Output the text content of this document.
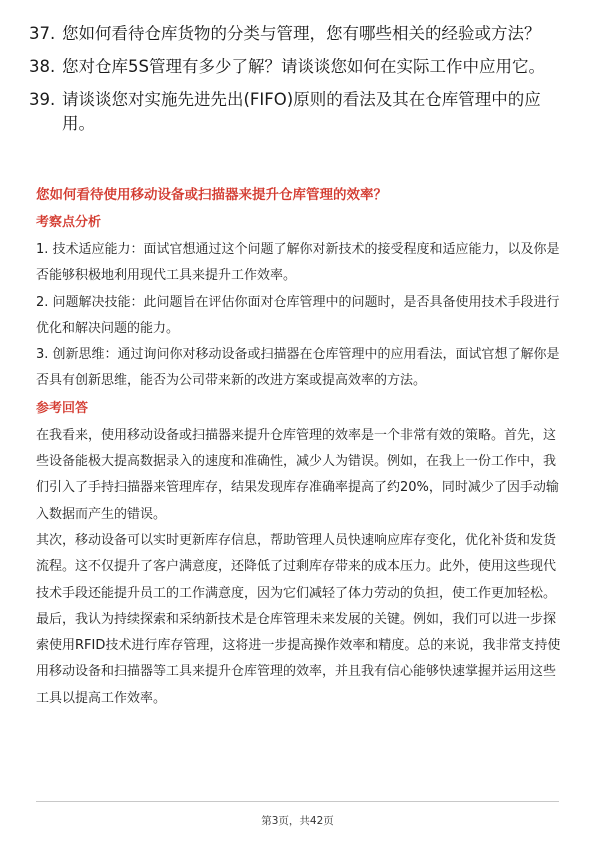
37. 您如何看待仓库货物的分类与管理，您有哪些相关的经验或方法？
38. 您对仓库5S管理有多少了解？请谈谈您如何在实际工作中应用它。
39. 请谈谈您对实施先进先出(FIFO)原则的看法及其在仓库管理中的应用。
您如何看待使用移动设备或扫描器来提升仓库管理的效率？
考察点分析

1. 技术适应能力：面试官想通过这个问题了解你对新技术的接受程度和适应能力，以及你是否能够积极地利用现代工具来提升工作效率。

2. 问题解决技能：此问题旨在评估你面对仓库管理中的问题时，是否具备使用技术手段进行优化和解决问题的能力。

3. 创新思维：通过询问你对移动设备或扫描器在仓库管理中的应用看法，面试官想了解你是否具有创新思维，能否为公司带来新的改进方案或提高效率的方法。

参考回答

在我看来，使用移动设备或扫描器来提升仓库管理的效率是一个非常有效的策略。首先，这些设备能极大提高数据录入的速度和准确性，减少人为错误。例如，在我上一份工作中，我们引入了手持扫描器来管理库存，结果发现库存准确率提高了约20%，同时减少了因手动输入数据而产生的错误。

其次，移动设备可以实时更新库存信息，帮助管理人员快速响应库存变化，优化补货和发货流程。这不仅提升了客户满意度，还降低了过剩库存带来的成本压力。此外，使用这些现代技术手段还能提升员工的工作满意度，因为它们减轻了体力劳动的负担，使工作更加轻松。

最后，我认为持续探索和采纳新技术是仓库管理未来发展的关键。例如，我们可以进一步探索使用RFID技术进行库存管理，这将进一步提高操作效率和精度。总的来说，我非常支持使用移动设备和扫描器等工具来提升仓库管理的效率，并且我有信心能够快速掌握并运用这些工具以提高工作效率。

第3页，共42页
